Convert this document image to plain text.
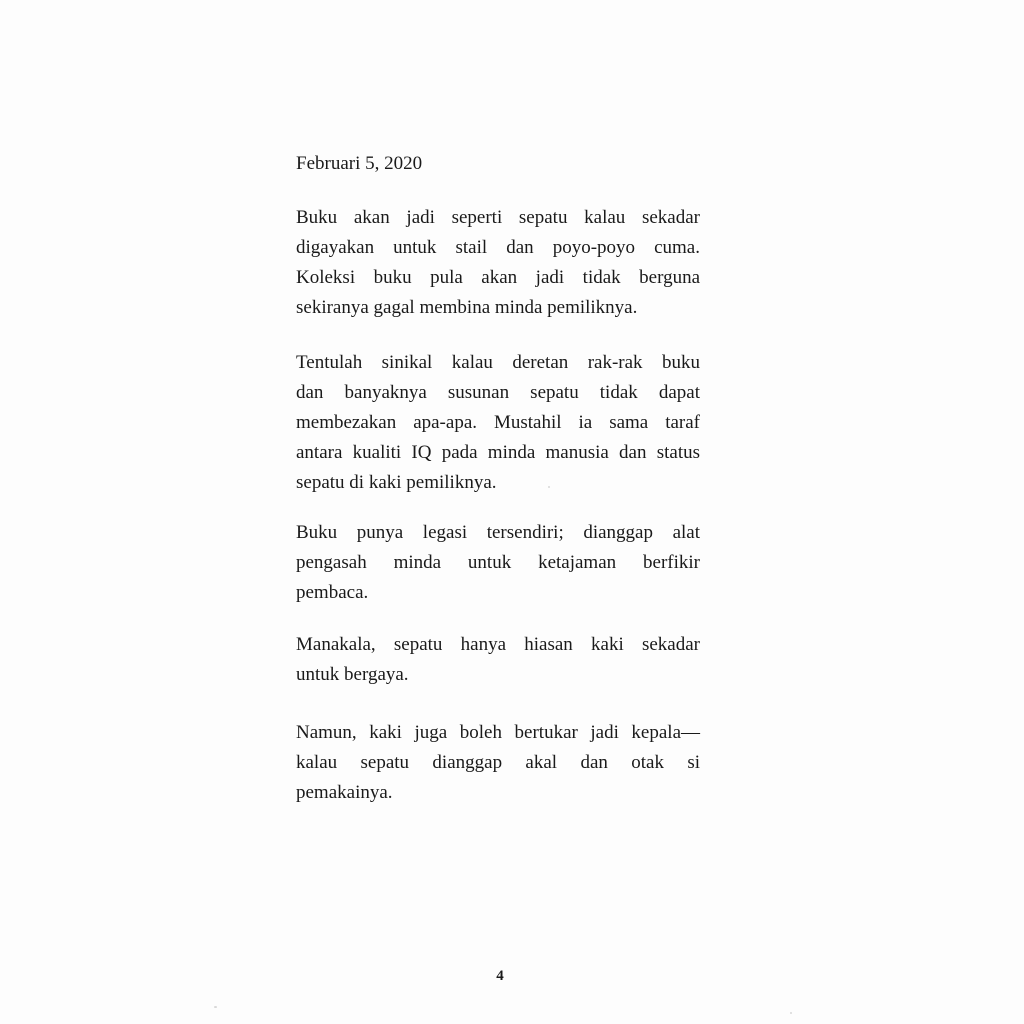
Februari 5, 2020

Buku akan jadi seperti sepatu kalau sekadar
digayakan untuk stail dan poyo-poyo cuma.
Koleksi buku pula akan jadi tidak berguna
sekiranya gagal membina minda pemiliknya.

Tentulah sinikal kalau deretan rak-rak buku
dan banyaknya susunan sepatu tidak dapat
membezakan apa-apa. Mustahil ia sama taraf
antara kualiti IQ pada minda manusia dan status
sepatu di kaki pemiliknya.

Buku punya legasi tersendiri; dianggap alat
pengasah minda untuk ketajaman berfikir
pembaca.

Manakala, sepatu hanya hiasan kaki sekadar
untuk bergaya.

Namun, kaki juga boleh bertukar jadi kepala—
kalau sepatu dianggap akal dan otak si
pemakainya.

4
